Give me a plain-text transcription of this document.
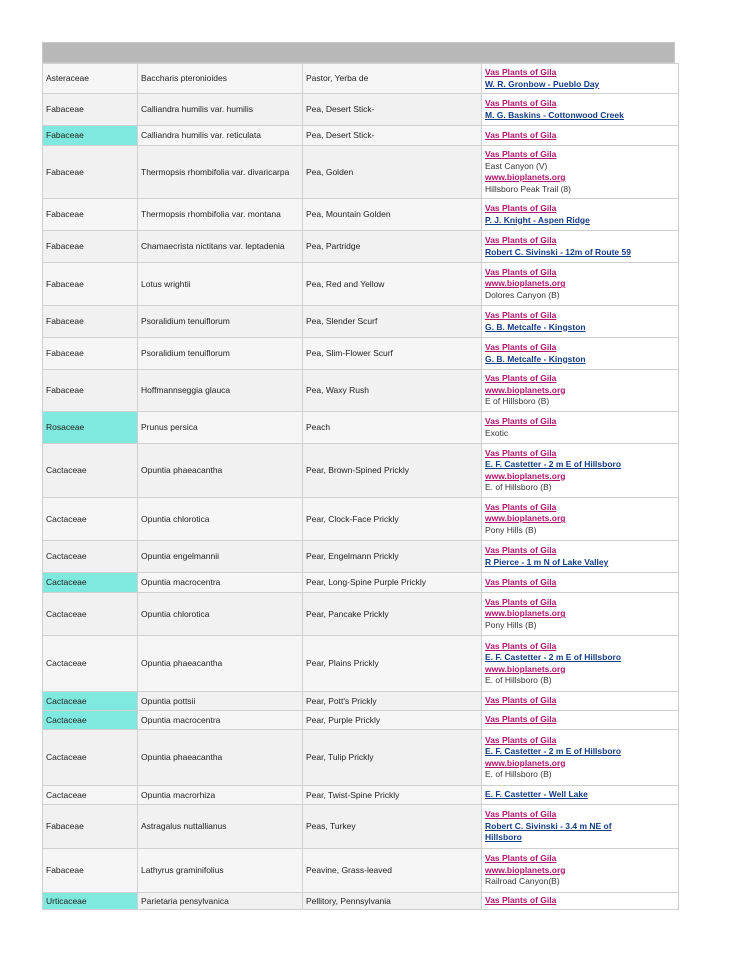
Asteraceae	Baccharis pteronioides	Pastor, Yerba de	Vas Plants of Gila
W. R. Gronbow - Pueblo Day

Fabaceae	Calliandra humilis var. humilis	Pea, Desert Stick-	Vas Plants of Gila
M. G. Baskins - Cottonwood Creek

Fabaceae	Calliandra humilis var. reticulata	Pea, Desert Stick-	Vas Plants of Gila

Fabaceae	Thermopsis rhombifolia var. divaricarpa	Pea, Golden	Vas Plants of Gila
East Canyon (V)
www.bioplanets.org
Hillsboro Peak Trail (8)

Fabaceae	Thermopsis rhombifolia var. montana	Pea, Mountain Golden	Vas Plants of Gila
P. J. Knight - Aspen Ridge

Fabaceae	Chamaecrista nictitans var. leptadenia	Pea, Partridge	Vas Plants of Gila
Robert C. Sivinski - 12m of Route 59

Fabaceae	Lotus wrightii	Pea, Red and Yellow	Vas Plants of Gila
www.bioplanets.org
Dolores Canyon (B)

Fabaceae	Psoralidium tenuiflorum	Pea, Slender Scurf	Vas Plants of Gila
G. B. Metcalfe - Kingston

Fabaceae	Psoralidium tenuiflorum	Pea, Slim-Flower Scurf	Vas Plants of Gila
G. B. Metcalfe - Kingston

Fabaceae	Hoffmannseggia glauca	Pea, Waxy Rush	Vas Plants of Gila
www.bioplanets.org
E of Hillsboro (B)

Rosaceae	Prunus persica	Peach	Vas Plants of Gila
Exotic

Cactaceae	Opuntia phaeacantha	Pear, Brown-Spined Prickly	Vas Plants of Gila
E. F. Castetter - 2 m E of Hillsboro
www.bioplanets.org
E. of Hillsboro (B)

Cactaceae	Opuntia chlorotica	Pear, Clock-Face Prickly	Vas Plants of Gila
www.bioplanets.org
Pony Hills (B)

Cactaceae	Opuntia engelmannii	Pear, Engelmann Prickly	Vas Plants of Gila
R Pierce - 1 m N of Lake Valley

Cactaceae	Opuntia macrocentra	Pear, Long-Spine Purple Prickly	Vas Plants of Gila

Cactaceae	Opuntia chlorotica	Pear, Pancake Prickly	Vas Plants of Gila
www.bioplanets.org
Pony Hills (B)

Cactaceae	Opuntia phaeacantha	Pear, Plains Prickly	Vas Plants of Gila
E. F. Castetter - 2 m E of Hillsboro
www.bioplanets.org
E. of Hillsboro (B)

Cactaceae	Opuntia pottsii	Pear, Pott's Prickly	Vas Plants of Gila

Cactaceae	Opuntia macrocentra	Pear, Purple Prickly	Vas Plants of Gila

Cactaceae	Opuntia phaeacantha	Pear, Tulip Prickly	Vas Plants of Gila
E. F. Castetter - 2 m E of Hillsboro
www.bioplanets.org
E. of Hillsboro (B)

Cactaceae	Opuntia macrorhiza	Pear, Twist-Spine Prickly	E. F. Castetter - Well Lake

Fabaceae	Astragalus nuttallianus	Peas, Turkey	Vas Plants of Gila
Robert C. Sivinski - 3.4 m NE of
Hillsboro

Fabaceae	Lathyrus graminifolius	Peavine, Grass-leaved	Vas Plants of Gila
www.bioplanets.org
Railroad Canyon(B)

Urticaceae	Parietaria pensylvanica	Pellitory, Pennsylvania	Vas Plants of Gila
